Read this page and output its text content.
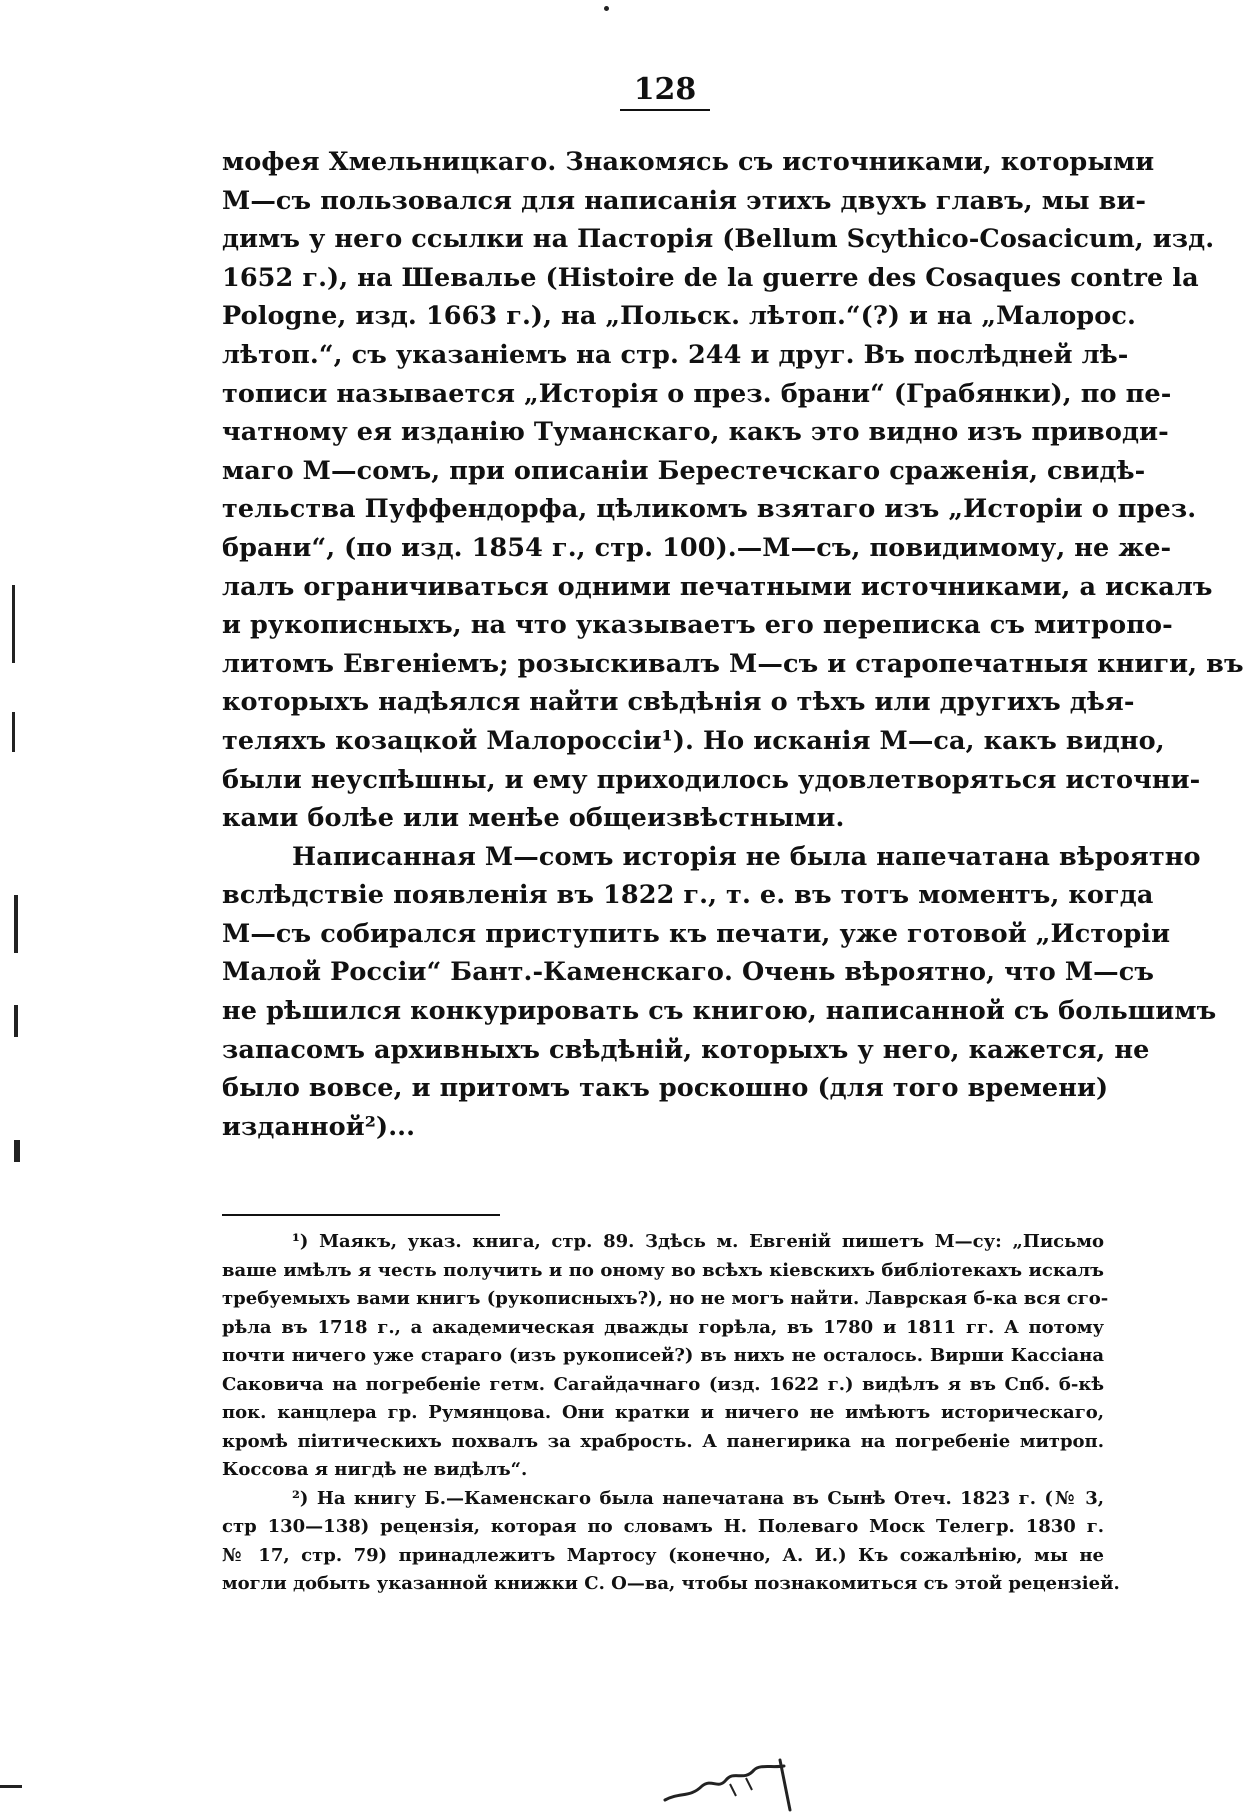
128
мофея Хмельницкаго. Знакомясь съ источниками, которыми
М—съ пользовался для написанія этихъ двухъ главъ, мы ви-
димъ у него ссылки на Пасторія (Bellum Scythico-Cosacicum, изд.
1652 г.), на Шевалье (Histoire de la guerre des Cosaques contre la
Pologne, изд. 1663 г.), на „Польск. лѣтоп.“(?) и на „Малорос.
лѣтоп.“, съ указаніемъ на стр. 244 и друг. Въ послѣдней лѣ-
тописи называется „Исторія о през. брани“ (Грабянки), по пе-
чатному ея изданію Туманскаго, какъ это видно изъ приводи-
маго М—сомъ, при описаніи Берестечскаго сраженія, свидѣ-
тельства Пуффендорфа, цѣликомъ взятаго изъ „Исторіи о през.
брани“, (по изд. 1854 г., стр. 100).—М—съ, повидимому, не же-
лалъ ограничиваться одними печатными источниками, а искалъ
и рукописныхъ, на что указываетъ его переписка съ митропо-
литомъ Евгеніемъ; розыскивалъ М—съ и старопечатныя книги, въ
которыхъ надѣялся найти свѣдѣнія о тѣхъ или другихъ дѣя-
теляхъ козацкой Малороссіи¹). Но исканія М—са, какъ видно,
были неуспѣшны, и ему приходилось удовлетворяться источни-
ками болѣе или менѣе общеизвѣстными.
Написанная М—сомъ исторія не была напечатана вѣроятно
вслѣдствіе появленія въ 1822 г., т. е. въ тотъ моментъ, когда
М—съ собирался приступить къ печати, уже готовой „Исторіи
Малой Россіи“ Бант.-Каменскаго. Очень вѣроятно, что М—съ
не рѣшился конкурировать съ книгою, написанной съ большимъ
запасомъ архивныхъ свѣдѣній, которыхъ у него, кажется, не
было вовсе, и притомъ такъ роскошно (для того времени)
изданной²)...
¹) Маякъ, указ. книга, стр. 89. Здѣсь м. Евгеній пишетъ М—су: „Письмо
ваше имѣлъ я честь получить и по оному во всѣхъ кіевскихъ библіотекахъ искалъ
требуемыхъ вами книгъ (рукописныхъ?), но не могъ найти. Лаврская б-ка вся сго-
рѣла въ 1718 г., а академическая дважды горѣла, въ 1780 и 1811 гг. А потому
почти ничего уже стараго (изъ рукописей?) въ нихъ не осталось. Вирши Кассіана
Саковича на погребеніе гетм. Сагайдачнаго (изд. 1622 г.) видѣлъ я въ Спб. б-кѣ
пок. канцлера гр. Румянцова. Они кратки и ничего не имѣютъ историческаго,
кромѣ піитическихъ похвалъ за храбрость. А панегирика на погребеніе митроп.
Коссова я нигдѣ не видѣлъ“.
²) На книгу Б.—Каменскаго была напечатана въ Сынѣ Отеч. 1823 г. (№ 3,
стр 130—138) рецензія, которая по словамъ Н. Полеваго Моск Телегр. 1830 г.
№ 17, стр. 79) принадлежитъ Мартосу (конечно, А. И.) Къ сожалѣнію, мы не
могли добыть указанной книжки С. О—ва, чтобы познакомиться съ этой рецензіей.
